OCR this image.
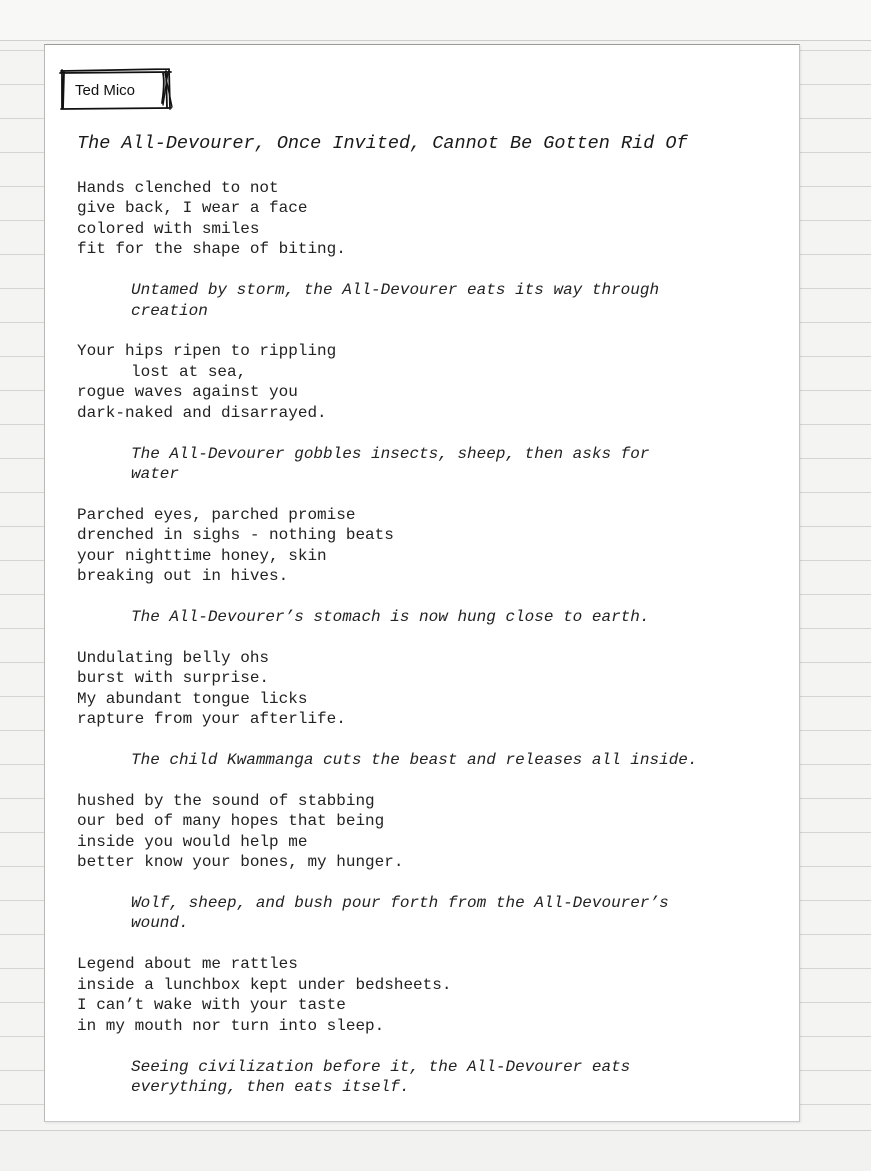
Ted Mico
The All-Devourer, Once Invited, Cannot Be Gotten Rid Of
Hands clenched to not
give back, I wear a face
colored with smiles
fit for the shape of biting.
Untamed by storm, the All-Devourer eats its way through
creation
Your hips ripen to rippling
lost at sea,
rogue waves against you
dark-naked and disarrayed.
The All-Devourer gobbles insects, sheep, then asks for
water
Parched eyes, parched promise
drenched in sighs - nothing beats
your nighttime honey, skin
breaking out in hives.
The All-Devourer’s stomach is now hung close to earth.
Undulating belly ohs
burst with surprise.
My abundant tongue licks
rapture from your afterlife.
The child Kwammanga cuts the beast and releases all inside.
hushed by the sound of stabbing
our bed of many hopes that being
inside you would help me
better know your bones, my hunger.
Wolf, sheep, and bush pour forth from the All-Devourer’s
wound.
Legend about me rattles
inside a lunchbox kept under bedsheets.
I can’t wake with your taste
in my mouth nor turn into sleep.
Seeing civilization before it, the All-Devourer eats
everything, then eats itself.
